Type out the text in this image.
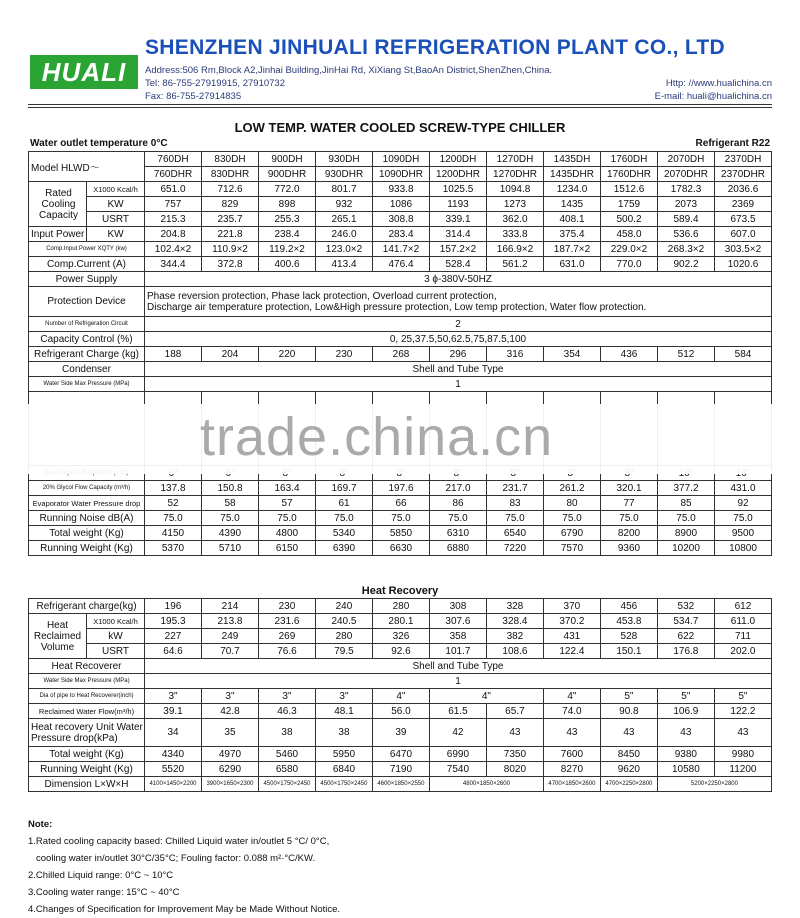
HUALI
SHENZHEN JINHUALI REFRIGERATION PLANT CO., LTD
Address:506 Rm,Block A2,Jinhai Building,JinHai Rd, XiXiang St,BaoAn District,ShenZhen,China.
Tel: 86-755-27919915, 27910732
Fax: 86-755-27914835
Http: //www.hualichina.cn
E-mail: huali@hualichina.cn
LOW TEMP. WATER COOLED SCREW-TYPE CHILLER
Water outlet temperature 0°C	Refrigerant R22
Model HLWD～		760DH	830DH	900DH	930DH	1090DH	1200DH	1270DH	1435DH	1760DH	2070DH	2370DH
		760DHR	830DHR	900DHR	930DHR	1090DHR	1200DHR	1270DHR	1435DHR	1760DHR	2070DHR	2370DHR
Rated Cooling Capacity	X1000 Kcal/h	651.0	712.6	772.0	801.7	933.8	1025.5	1094.8	1234.0	1512.6	1782.3	2036.6
	KW	757	829	898	932	1086	1193	1273	1435	1759	2073	2369
	USRT	215.3	235.7	255.3	265.1	308.8	339.1	362.0	408.1	500.2	589.4	673.5
Input Power	KW	204.8	221.8	238.4	246.0	283.4	314.4	333.8	375.4	458.0	536.6	607.0
Comp.Input Power XQTY (kw)		102.4×2	110.9×2	119.2×2	123.0×2	141.7×2	157.2×2	166.9×2	187.7×2	229.0×2	268.3×2	303.5×2
Comp.Current (A)		344.4	372.8	400.6	413.4	476.4	528.4	561.2	631.0	770.0	902.2	1020.6
Power Supply		3 ϕ-380V-50HZ										
Protection Device		Phase reversion protection, Phase lack protection, Overload current protection,
Discharge air temperature protection, Low&High pressure protection, Low temp protection, Water flow protection.										

Number of Refrigeration Circuit		2										
Capacity Control (%)		0, 25,37.5,50,62.5,75,87.5,100										
Refrigerant Charge (kg)		188	204	220	230	268	296	316	354	436	512	584
Condenser		Shell and Tube Type										
Water Side Max Pressure (MPa)		1										

20% Glycol Flow Capacity (m³/h)		137.8	150.8	163.4	169.7	197.6	217.0	231.7	261.2	320.1	377.2	431.0
Evaporator Water Pressure drop		52	58	57	61	66	86	83	80	77	85	92
Running Noise dB(A)		75.0	75.0	75.0	75.0	75.0	75.0	75.0	75.0	75.0	75.0	75.0
Total weight (Kg)		4150	4390	4800	5340	5850	6310	6540	6790	8200	8900	9500
Running Weight (Kg)		5370	5710	6150	6390	6630	6880	7220	7570	9360	10200	10800
trade.china.cn
Heat Recovery
Refrigerant charge(kg)		196	214	230	240	280	308	328	370	456	532	612
Heat Reclaimed Volume	X1000 Kcal/h	195.3	213.8	231.6	240.5	280.1	307.6	328.4	370.2	453.8	534.7	611.0
	kW	227	249	269	280	326	358	382	431	528	622	711
	USRT	64.6	70.7	76.6	79.5	92.6	101.7	108.6	122.4	150.1	176.8	202.0
Heat Recoverer		Shell and Tube Type										
Water Side Max Pressure (MPa)		1										
Dia of pipe to Heat Recoverer(inch)		3"	3"	3"	3"	4"	4"		4"	5"	5"	5"
Reclaimed Water Flow(m³/h)		39.1	42.8	46.3	48.1	56.0	61.5	65.7	74.0	90.8	106.9	122.2
Heat recovery Unit Water Pressure drop(kPa)		34	35	38	38	39	42	43	43	43	43	43
Total weight (Kg)		4340	4970	5460	5950	6470	6990	7350	7600	8450	9380	9980
Running Weight (Kg)		5520	6290	6580	6840	7190	7540	8020	8270	9620	10580	11200
Dimension L×W×H		4100×1450×2200	3900×1650×2300	4500×1750×2450	4500×1750×2450	4600×1850×2550	4800×1850×2600		4700×1850×2600	4700×2250×2800	5200×2250×2800	
Note:
1.Rated cooling capacity based: Chilled Liquid water in/outlet 5 °C/ 0°C,
cooling water in/outlet 30°C/35°C; Fouling factor: 0.088 m²·°C/KW.
2.Chilled Liquid range: 0°C ~ 10°C
3.Cooling water range: 15°C ~ 40°C
4.Changes of Specification for Improvement May be Made Without Notice.
